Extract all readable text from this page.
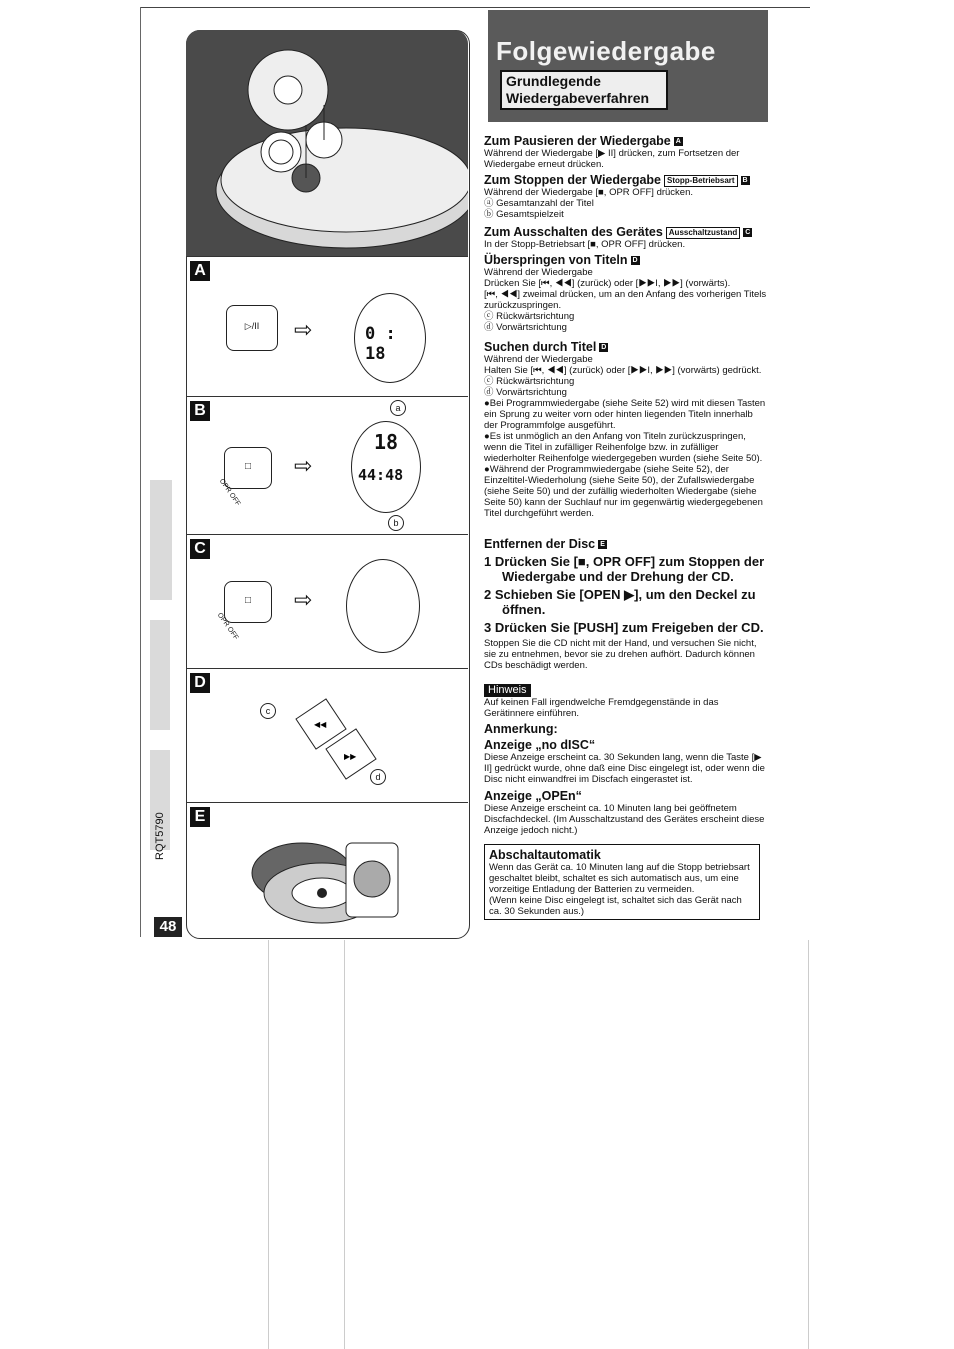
A
▷/II	⇨	0 : 18
B
□
OPR OFF
⇨
18
44:48
a
b
C
□
OPR OFF
⇨
D
◀◀
▶▶
c
d
E
RQT5790
48
Folgewiedergabe
Grundlegende
Wiedergabeverfahren

Zum Pausieren der Wiedergabe A

Während der Wiedergabe [▶ II] drücken, zum Fortsetzen der Wiedergabe erneut drücken.

Zum Stoppen der Wiedergabe Stopp-Betriebsart B

Während der Wiedergabe [■, OPR OFF] drücken.

ⓐ Gesamtanzahl der Titel

ⓑ Gesamtspielzeit

Zum Ausschalten des Gerätes Ausschaltzustand C

In der Stopp-Betriebsart [■, OPR OFF] drücken.

Überspringen von Titeln D

Während der Wiedergabe

Drücken Sie [⏮, ◀◀] (zurück) oder [▶▶I, ▶▶] (vorwärts).

[⏮, ◀◀] zweimal drücken, um an den Anfang des vorherigen Titels zurückzuspringen.

ⓒ Rückwärtsrichtung

ⓓ Vorwärtsrichtung

Suchen durch Titel D

Während der Wiedergabe

Halten Sie [⏮, ◀◀] (zurück) oder [▶▶I, ▶▶] (vorwärts) gedrückt.

ⓒ Rückwärtsrichtung

ⓓ Vorwärtsrichtung

●Bei Programmwiedergabe (siehe Seite 52) wird mit diesen Tasten ein Sprung zu weiter vorn oder hinten liegenden Titeln innerhalb der Programmfolge ausgeführt.

●Es ist unmöglich an den Anfang von Titeln zurückzuspringen, wenn die Titel in zufälliger Reihenfolge bzw. in zufälliger wiederholter Reihenfolge wiedergegeben wurden (siehe Seite 50).

●Während der Programmwiedergabe (siehe Seite 52), der Einzeltitel-Wiederholung (siehe Seite 50), der Zufallswiedergabe (siehe Seite 50) und der zufällig wiederholten Wiedergabe (siehe Seite 50) kann der Suchlauf nur im gegenwärtig wiedergegebenen Titel durchgeführt werden.

Entfernen der Disc E

1 Drücken Sie [■, OPR OFF] zum Stoppen der Wiedergabe und der Drehung der CD.

2 Schieben Sie [OPEN ▶], um den Deckel zu öffnen.

3 Drücken Sie [PUSH] zum Freigeben der CD.

Stoppen Sie die CD nicht mit der Hand, und versuchen Sie nicht, sie zu entnehmen, bevor sie zu drehen aufhört. Dadurch können CDs beschädigt werden.

Hinweis

Auf keinen Fall irgendwelche Fremdgegenstände in das Gerätinnere einführen.

Anmerkung:

Anzeige „no dISC“

Diese Anzeige erscheint ca. 30 Sekunden lang, wenn die Taste [▶ II] gedrückt wurde, ohne daß eine Disc eingelegt ist, oder wenn die Disc nicht einwandfrei im Discfach eingerastet ist.

Anzeige „OPEn“

Diese Anzeige erscheint ca. 10 Minuten lang bei geöffnetem Discfachdeckel. (Im Ausschaltzustand des Gerätes erscheint diese Anzeige jedoch nicht.)

Abschaltautomatik

Wenn das Gerät ca. 10 Minuten lang auf die Stopp betriebsart geschaltet bleibt, schaltet es sich automatisch aus, um eine vorzeitige Entladung der Batterien zu vermeiden.

(Wenn keine Disc eingelegt ist, schaltet sich das Gerät nach ca. 30 Sekunden aus.)
